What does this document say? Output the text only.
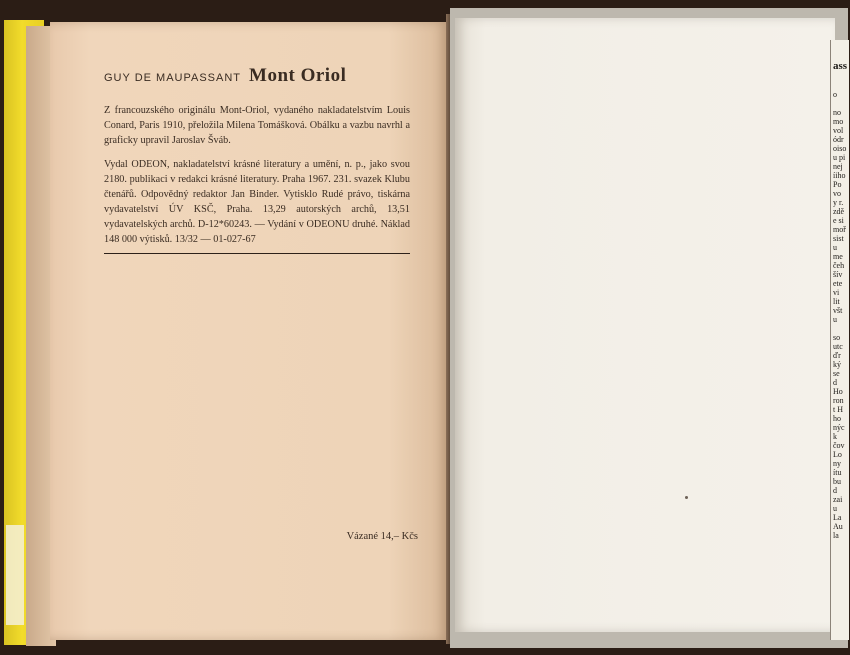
GUY DE MAUPASSANT Mont Oriol
Z francouzského originálu Mont-Oriol, vydaného nakladatelstvím Louis Conard, Paris 1910, přeložila Milena Tomášková. Obálku a vazbu navrhl a graficky upravil Jaroslav Šváb.
Vydal ODEON, nakladatelství krásné literatury a umění, n. p., jako svou 2180. publikaci v redakci krásné literatury. Praha 1967. 231. svazek Klubu čtenářů. Odpovědný redaktor Jan Binder. Vytisklo Rudé právo, tiskárna vydavatelství ÚV KSČ, Praha. 13,29 autorských archů, 13,51 vydavatelských archů. D-12*60243. — Vydání v ODEONU druhé. Náklad 148 000 výtisků. 13/32 — 01-027-67
Vázané 14,– Kčs
ass
o

no
mo
vol
ódr
oiso
u pi
nej
íiho
Po
vo
y r.
zdě
e si
moř
sist
u
me
čeh
šív
ete
vi
lit
všt
u

so
utc
ďr
ký
se
d
Ho
ron
t H
ho
nýc
k
čov
Lo
ny
ítu
bu
d
zai
u
La
Au
la
